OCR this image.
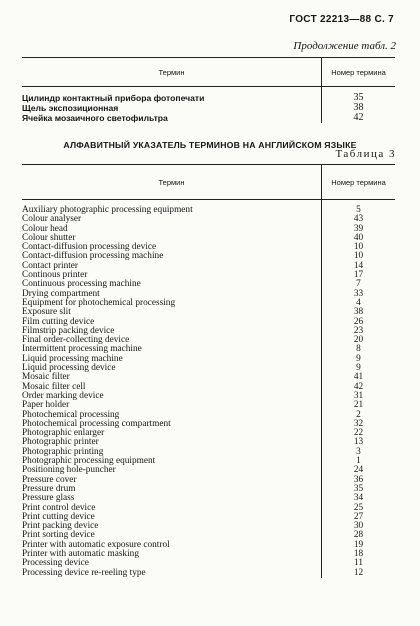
ГОСТ 22213—88 С. 7
Продолжение табл. 2
Термин	Номер термина

Цилиндр контактный прибора фотопечати	35
Щель экспозиционная	38
Ячейка мозаичного светофильтра	42
АЛФАВИТНЫЙ УКАЗАТЕЛЬ ТЕРМИНОВ НА АНГЛИЙСКОМ ЯЗЫКЕ
Таблица 3
Термин	Номер термина

Auxiliary photographic processing equipment	5
Colour analyser	43
Colour head	39
Colour shutter	40
Contact-diffusion processing device	10
Contact-diffusion processing machine	10
Contact printer	14
Continous printer	17
Continuous processing machine	7
Drying compartment	33
Equipment for photochemical processing	4
Exposure slit	38
Film cutting device	26
Filmstrip packing device	23
Final order-collecting device	20
Intermittent processing machine	8
Liquid processing machine	9
Liquid processing device	9
Mosaic filter	41
Mosaic filter cell	42
Order marking device	31
Paper holder	21
Photochemical processing	2
Photochemical processing compartment	32
Photographic enlarger	22
Photographic printer	13
Photographic printing	3
Photographic processing equipment	1
Positioning hole-puncher	24
Pressure cover	36
Pressure drum	35
Pressure glass	34
Print control device	25
Print cutting device	27
Print packing device	30
Print sorting device	28
Printer with automatic exposure control	19
Printer with automatic masking	18
Processing device	11
Processing device re-reeling type	12
